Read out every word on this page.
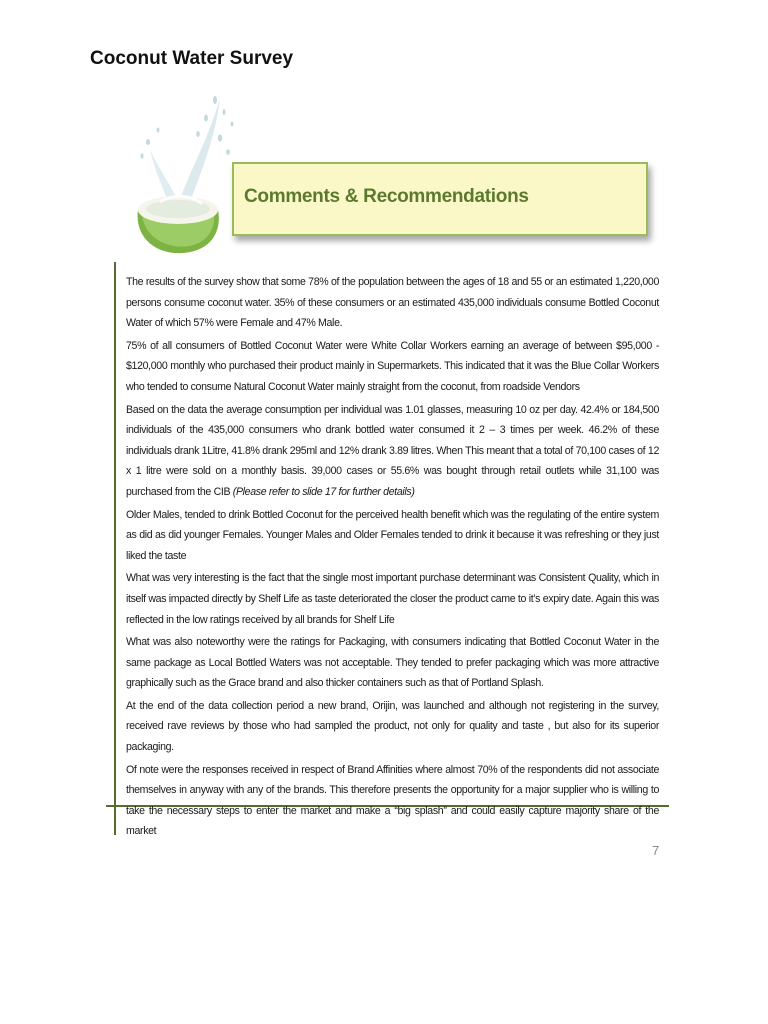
Coconut Water Survey
Comments & Recommendations

The results of the survey show that some 78% of the population between the ages of 18 and 55 or an estimated 1,220,000 persons consume coconut water. 35% of these consumers or an estimated 435,000 individuals consume Bottled Coconut Water of which 57% were Female and 47% Male.

75% of all consumers of Bottled Coconut Water were White Collar Workers earning an average of between $95,000 - $120,000 monthly who purchased their product mainly in Supermarkets. This indicated that it was the Blue Collar Workers who tended to consume Natural Coconut Water mainly straight from the coconut, from roadside Vendors

Based on the data the average consumption per individual was 1.01 glasses, measuring 10 oz per day. 42.4% or 184,500 individuals of the 435,000 consumers who drank bottled water consumed it 2 – 3 times per week. 46.2% of these individuals drank 1Litre, 41.8% drank 295ml and 12% drank 3.89 litres. When This meant that a total of 70,100 cases of 12 x 1 litre were sold on a monthly basis. 39,000 cases or 55.6% was bought through retail outlets while 31,100 was purchased from the CIB (Please refer to slide 17 for further details)

Older Males, tended to drink Bottled Coconut for the perceived health benefit which was the regulating of the entire system as did as did younger Females. Younger Males and Older Females tended to drink it because it was refreshing or they just liked the taste

What was very interesting is the fact that the single most important purchase determinant was Consistent Quality, which in itself was impacted directly by Shelf Life as taste deteriorated the closer the product came to it’s expiry date. Again this was reflected in the low ratings received by all brands for Shelf Life

What was also noteworthy were the ratings for Packaging, with consumers indicating that Bottled Coconut Water in the same package as Local Bottled Waters was not acceptable. They tended to prefer packaging which was more attractive graphically such as the Grace brand and also thicker containers such as that of Portland Splash.

At the end of the data collection period a new brand, Orijin, was launched and although not registering in the survey, received rave reviews by those who had sampled the product, not only for quality and taste , but also for its superior packaging.

Of note were the responses received in respect of Brand Affinities where almost 70% of the respondents did not associate themselves in anyway with any of the brands. This therefore presents the opportunity for a major supplier who is willing to take the necessary steps to enter the market and make a “big splash” and could easily capture majority share of the market

7
